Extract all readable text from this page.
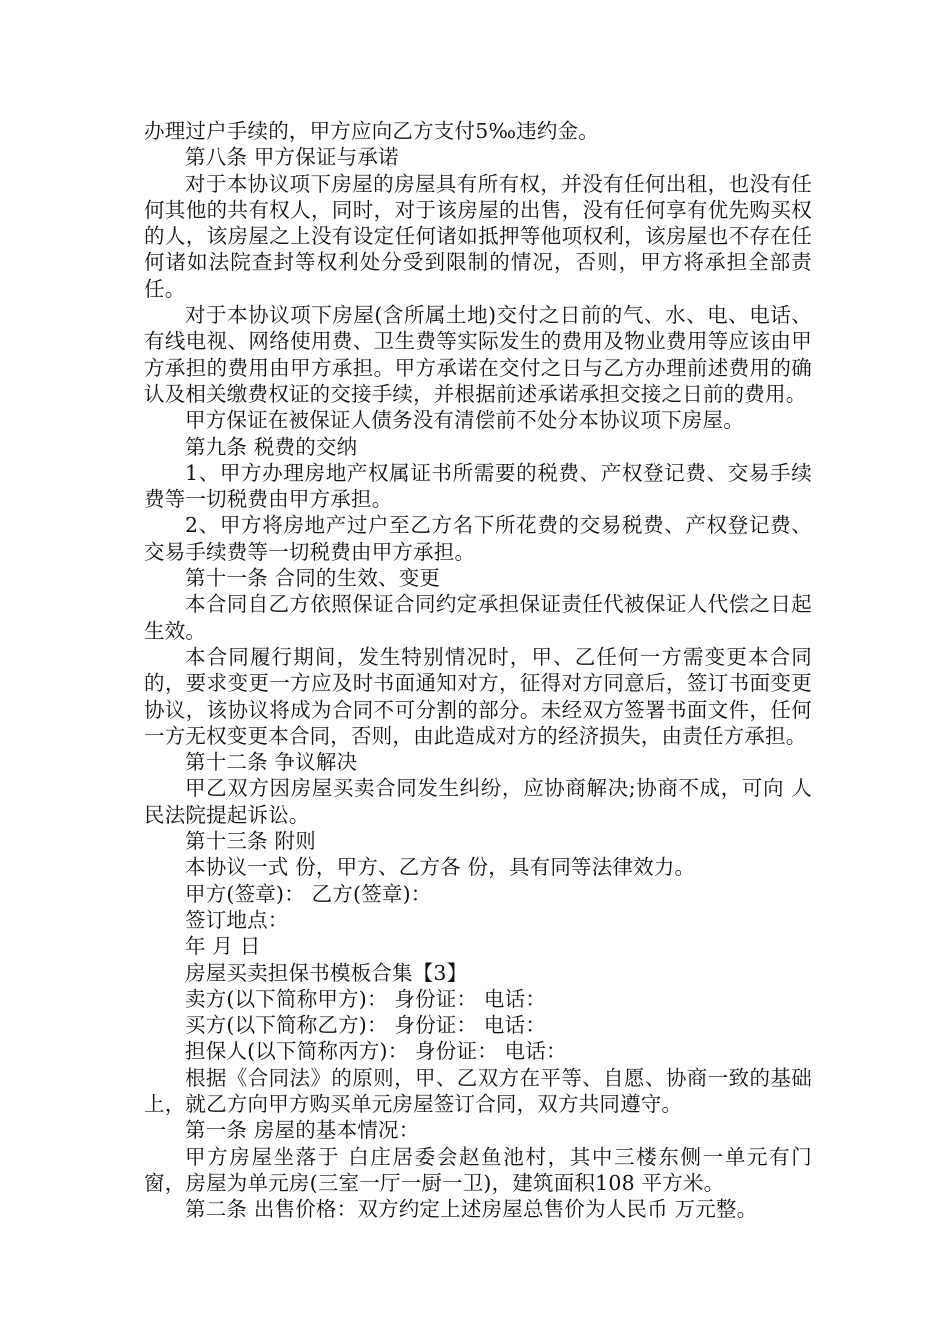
办理过户手续的，甲方应向乙方支付5‰违约金。

第八条 甲方保证与承诺

对于本协议项下房屋的房屋具有所有权，并没有任何出租，也没有任何其他的共有权人，同时，对于该房屋的出售，没有任何享有优先购买权的人，该房屋之上没有设定任何诸如抵押等他项权利，该房屋也不存在任何诸如法院查封等权利处分受到限制的情况，否则，甲方将承担全部责任。

对于本协议项下房屋(含所属土地)交付之日前的气、水、电、电话、有线电视、网络使用费、卫生费等实际发生的费用及物业费用等应该由甲方承担的费用由甲方承担。甲方承诺在交付之日与乙方办理前述费用的确认及相关缴费权证的交接手续，并根据前述承诺承担交接之日前的费用。

甲方保证在被保证人债务没有清偿前不处分本协议项下房屋。

第九条 税费的交纳

1、甲方办理房地产权属证书所需要的税费、产权登记费、交易手续费等一切税费由甲方承担。

2、甲方将房地产过户至乙方名下所花费的交易税费、产权登记费、交易手续费等一切税费由甲方承担。

第十一条 合同的生效、变更

本合同自乙方依照保证合同约定承担保证责任代被保证人代偿之日起生效。

本合同履行期间，发生特别情况时，甲、乙任何一方需变更本合同的，要求变更一方应及时书面通知对方，征得对方同意后，签订书面变更协议，该协议将成为合同不可分割的部分。未经双方签署书面文件，任何一方无权变更本合同，否则，由此造成对方的经济损失，由责任方承担。

第十二条 争议解决

甲乙双方因房屋买卖合同发生纠纷，应协商解决;协商不成，可向 人民法院提起诉讼。

第十三条 附则

本协议一式 份，甲方、乙方各 份，具有同等法律效力。

甲方(签章)： 乙方(签章)：

签订地点：

年 月 日

房屋买卖担保书模板合集【3】

卖方(以下简称甲方)： 身份证： 电话：

买方(以下简称乙方)： 身份证： 电话：

担保人(以下简称丙方)： 身份证： 电话：

根据《合同法》的原则，甲、乙双方在平等、自愿、协商一致的基础上，就乙方向甲方购买单元房屋签订合同，双方共同遵守。

第一条 房屋的基本情况：

甲方房屋坐落于 白庄居委会赵鱼池村，其中三楼东侧一单元有门窗，房屋为单元房(三室一厅一厨一卫)，建筑面积108 平方米。

第二条 出售价格：双方约定上述房屋总售价为人民币 万元整。
